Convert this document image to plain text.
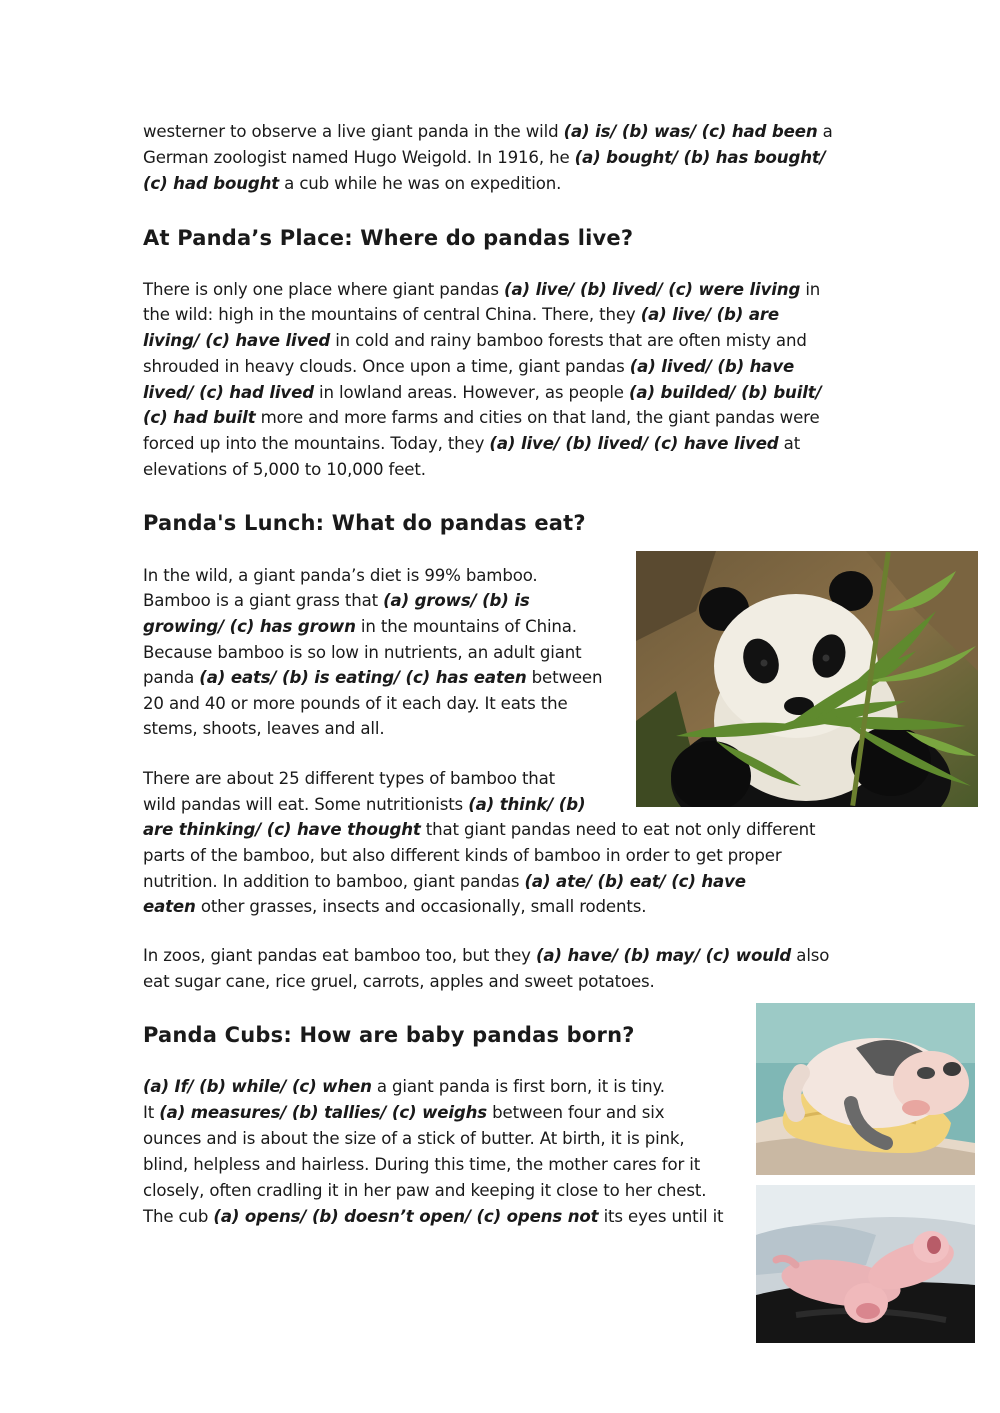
westerner to observe a live giant panda in the wild (a) is/ (b) was/ (c) had been a

German zoologist named Hugo Weigold. In 1916, he (a) bought/ (b) has bought/

(c) had bought a cub while he was on expedition.

At Panda’s Place: Where do pandas live?

There is only one place where giant pandas (a) live/ (b) lived/ (c) were living in

the wild: high in the mountains of central China. There, they (a) live/ (b) are

living/ (c) have lived in cold and rainy bamboo forests that are often misty and

shrouded in heavy clouds. Once upon a time, giant pandas (a) lived/ (b) have

lived/ (c) had lived in lowland areas. However, as people (a) builded/ (b) built/

(c) had built more and more farms and cities on that land, the giant pandas were

forced up into the mountains. Today, they (a) live/ (b) lived/ (c) have lived at

elevations of 5,000 to 10,000 feet.

Panda's Lunch: What do pandas eat?

In the wild, a giant panda’s diet is 99% bamboo.

Bamboo is a giant grass that (a) grows/ (b) is

growing/ (c) has grown in the mountains of China.

Because bamboo is so low in nutrients, an adult giant

panda (a) eats/ (b) is eating/ (c) has eaten between

20 and 40 or more pounds of it each day. It eats the

stems, shoots, leaves and all.

There are about 25 different types of bamboo that

wild pandas will eat. Some nutritionists (a) think/ (b)

are thinking/ (c) have thought that giant pandas need to eat not only different

parts of the bamboo, but also different kinds of bamboo in order to get proper

nutrition. In addition to bamboo, giant pandas (a) ate/ (b) eat/ (c) have

eaten other grasses, insects and occasionally, small rodents.

In zoos, giant pandas eat bamboo too, but they (a) have/ (b) may/ (c) would also

eat sugar cane, rice gruel, carrots, apples and sweet potatoes.

Panda Cubs: How are baby pandas born?

(a) If/ (b) while/ (c) when a giant panda is first born, it is tiny.

It (a) measures/ (b) tallies/ (c) weighs between four and six

ounces and is about the size of a stick of butter. At birth, it is pink,

blind, helpless and hairless. During this time, the mother cares for it

closely, often cradling it in her paw and keeping it close to her chest.

The cub (a) opens/ (b) doesn’t open/ (c) opens not its eyes until it
